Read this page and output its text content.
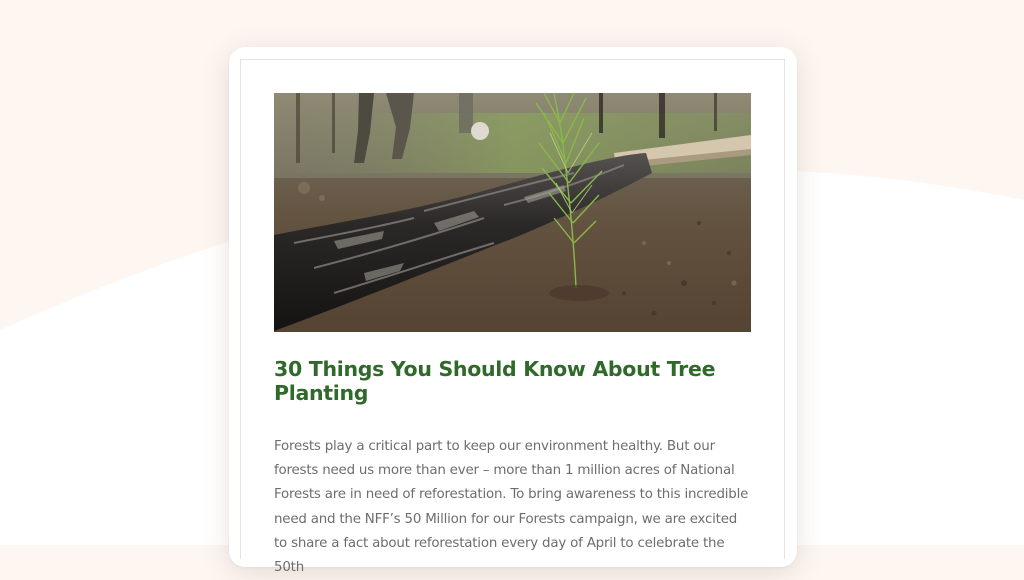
30 Things You Should Know About Tree Planting

Forests play a critical part to keep our environment healthy. But our forests need us more than ever – more than 1 million acres of National Forests are in need of reforestation. To bring awareness to this incredible need and the NFF’s 50 Million for our Forests campaign, we are excited to share a fact about reforestation every day of April to celebrate the 50th
